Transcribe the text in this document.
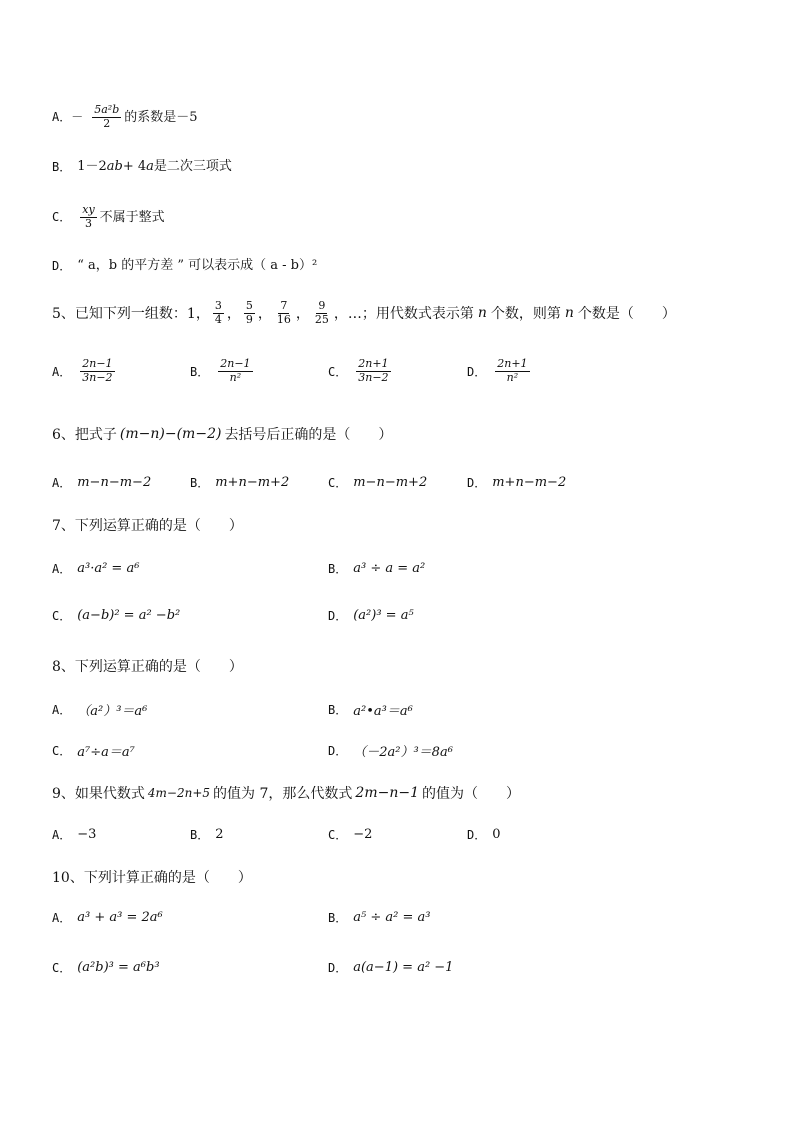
A．－ $\frac{\text{5a²b}}{2}$ 的系数是－5
B． 1－2 ab + 4 a 是二次三项式
C． $\frac{xy}{3}$ 不属于整式
D． “ a，b 的平方差 ” 可以表示成（ a - b）²
5、已知下列一组数：1， $\frac{3}{4}$ ， $\frac{5}{9}$ ， $\frac{7}{16}$ ， $\frac{9}{25}$ ，…；用代数式表示第 n 个数，则第 n 个数是（　　）
A． $\frac{2n-1}{3n-2}$	B． $\frac{2n-1}{\text{n²}}$	C． $\frac{2n+1}{3n-2}$	D． $\frac{2n+1}{\text{n²}}$
6、把式子 (m−n)−(m−2) 去括号后正确的是（　　）
A． m−n−m−2	B． m+n−m+2	C． m−n−m+2	D． m+n−m−2
7、下列运算正确的是（　　）
A． a³·a² = a⁶	B． a³ ÷ a = a²
C． (a−b)² = a² −b²	D． (a²)³ = a⁵
8、下列运算正确的是（　　）
A． （a²）³＝a⁶	B． a²•a³＝a⁶
C． a⁷÷a＝a⁷	D． （－2a²）³＝8a⁶
9、如果代数式 4m−2n+5 的值为 7，那么代数式 2m−n−1 的值为（　　）
A． −3	B． 2	C． −2	D． 0
10、下列计算正确的是（　　）
A． a³ + a³ = 2a⁶	B． a⁵ ÷ a² = a³
C． (a²b)³ = a⁶b³	D． a(a−1) = a² −1
